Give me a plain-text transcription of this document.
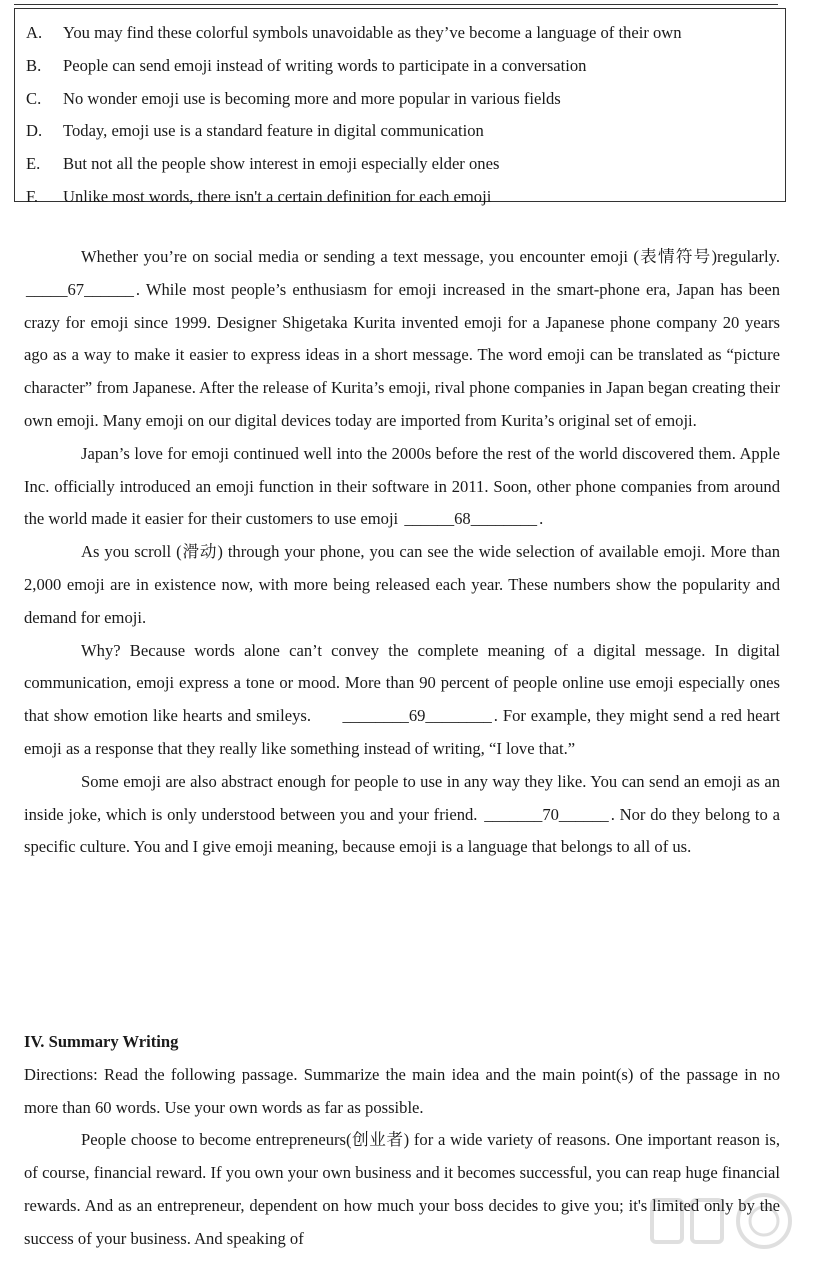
A.	You may find these colorful symbols unavoidable as they’ve become a language of their own
B.	People can send emoji instead of writing words to participate in a conversation
C.	No wonder emoji use is becoming more and more popular in various fields
D.	Today, emoji use is a standard feature in digital communication
E.	But not all the people show interest in emoji especially elder ones
F.	Unlike most words, there isn't a certain definition for each emoji

Whether you’re on social media or sending a text message, you encounter emoji (表情符号)regularly. _____67______ . While most people’s enthusiasm for emoji increased in the smart-phone era, Japan has been crazy for emoji since 1999. Designer Shigetaka Kurita invented emoji for a Japanese phone company 20 years ago as a way to make it easier to express ideas in a short message. The word emoji can be translated as “picture character” from Japanese. After the release of Kurita’s emoji, rival phone companies in Japan began creating their own emoji. Many emoji on our digital devices today are imported from Kurita’s original set of emoji.

Japan’s love for emoji continued well into the 2000s before the rest of the world discovered them. Apple Inc. officially introduced an emoji function in their software in 2011. Soon, other phone companies from around the world made it easier for their customers to use emoji ______68________ .

As you scroll (滑动) through your phone, you can see the wide selection of available emoji. More than 2,000 emoji are in existence now, with more being released each year. These numbers show the popularity and demand for emoji.

Why? Because words alone can’t convey the complete meaning of a digital message. In digital communication, emoji express a tone or mood. More than 90 percent of people online use emoji especially ones that show emotion like hearts and smileys. ________69________ . For example, they might send a red heart emoji as a response that they really like something instead of writing, “I love that.”

Some emoji are also abstract enough for people to use in any way they like. You can send an emoji as an inside joke, which is only understood between you and your friend. _______70______ . Nor do they belong to a specific culture. You and I give emoji meaning, because emoji is a language that belongs to all of us.

IV. Summary Writing

Directions: Read the following passage. Summarize the main idea and the main point(s) of the passage in no more than 60 words. Use your own words as far as possible.

People choose to become entrepreneurs(创业者) for a wide variety of reasons. One important reason is, of course, financial reward. If you own your own business and it becomes successful, you can reap huge financial rewards. And as an entrepreneur, dependent on how much your boss decides to give you; it's limited only by the success of your business. And speaking of
